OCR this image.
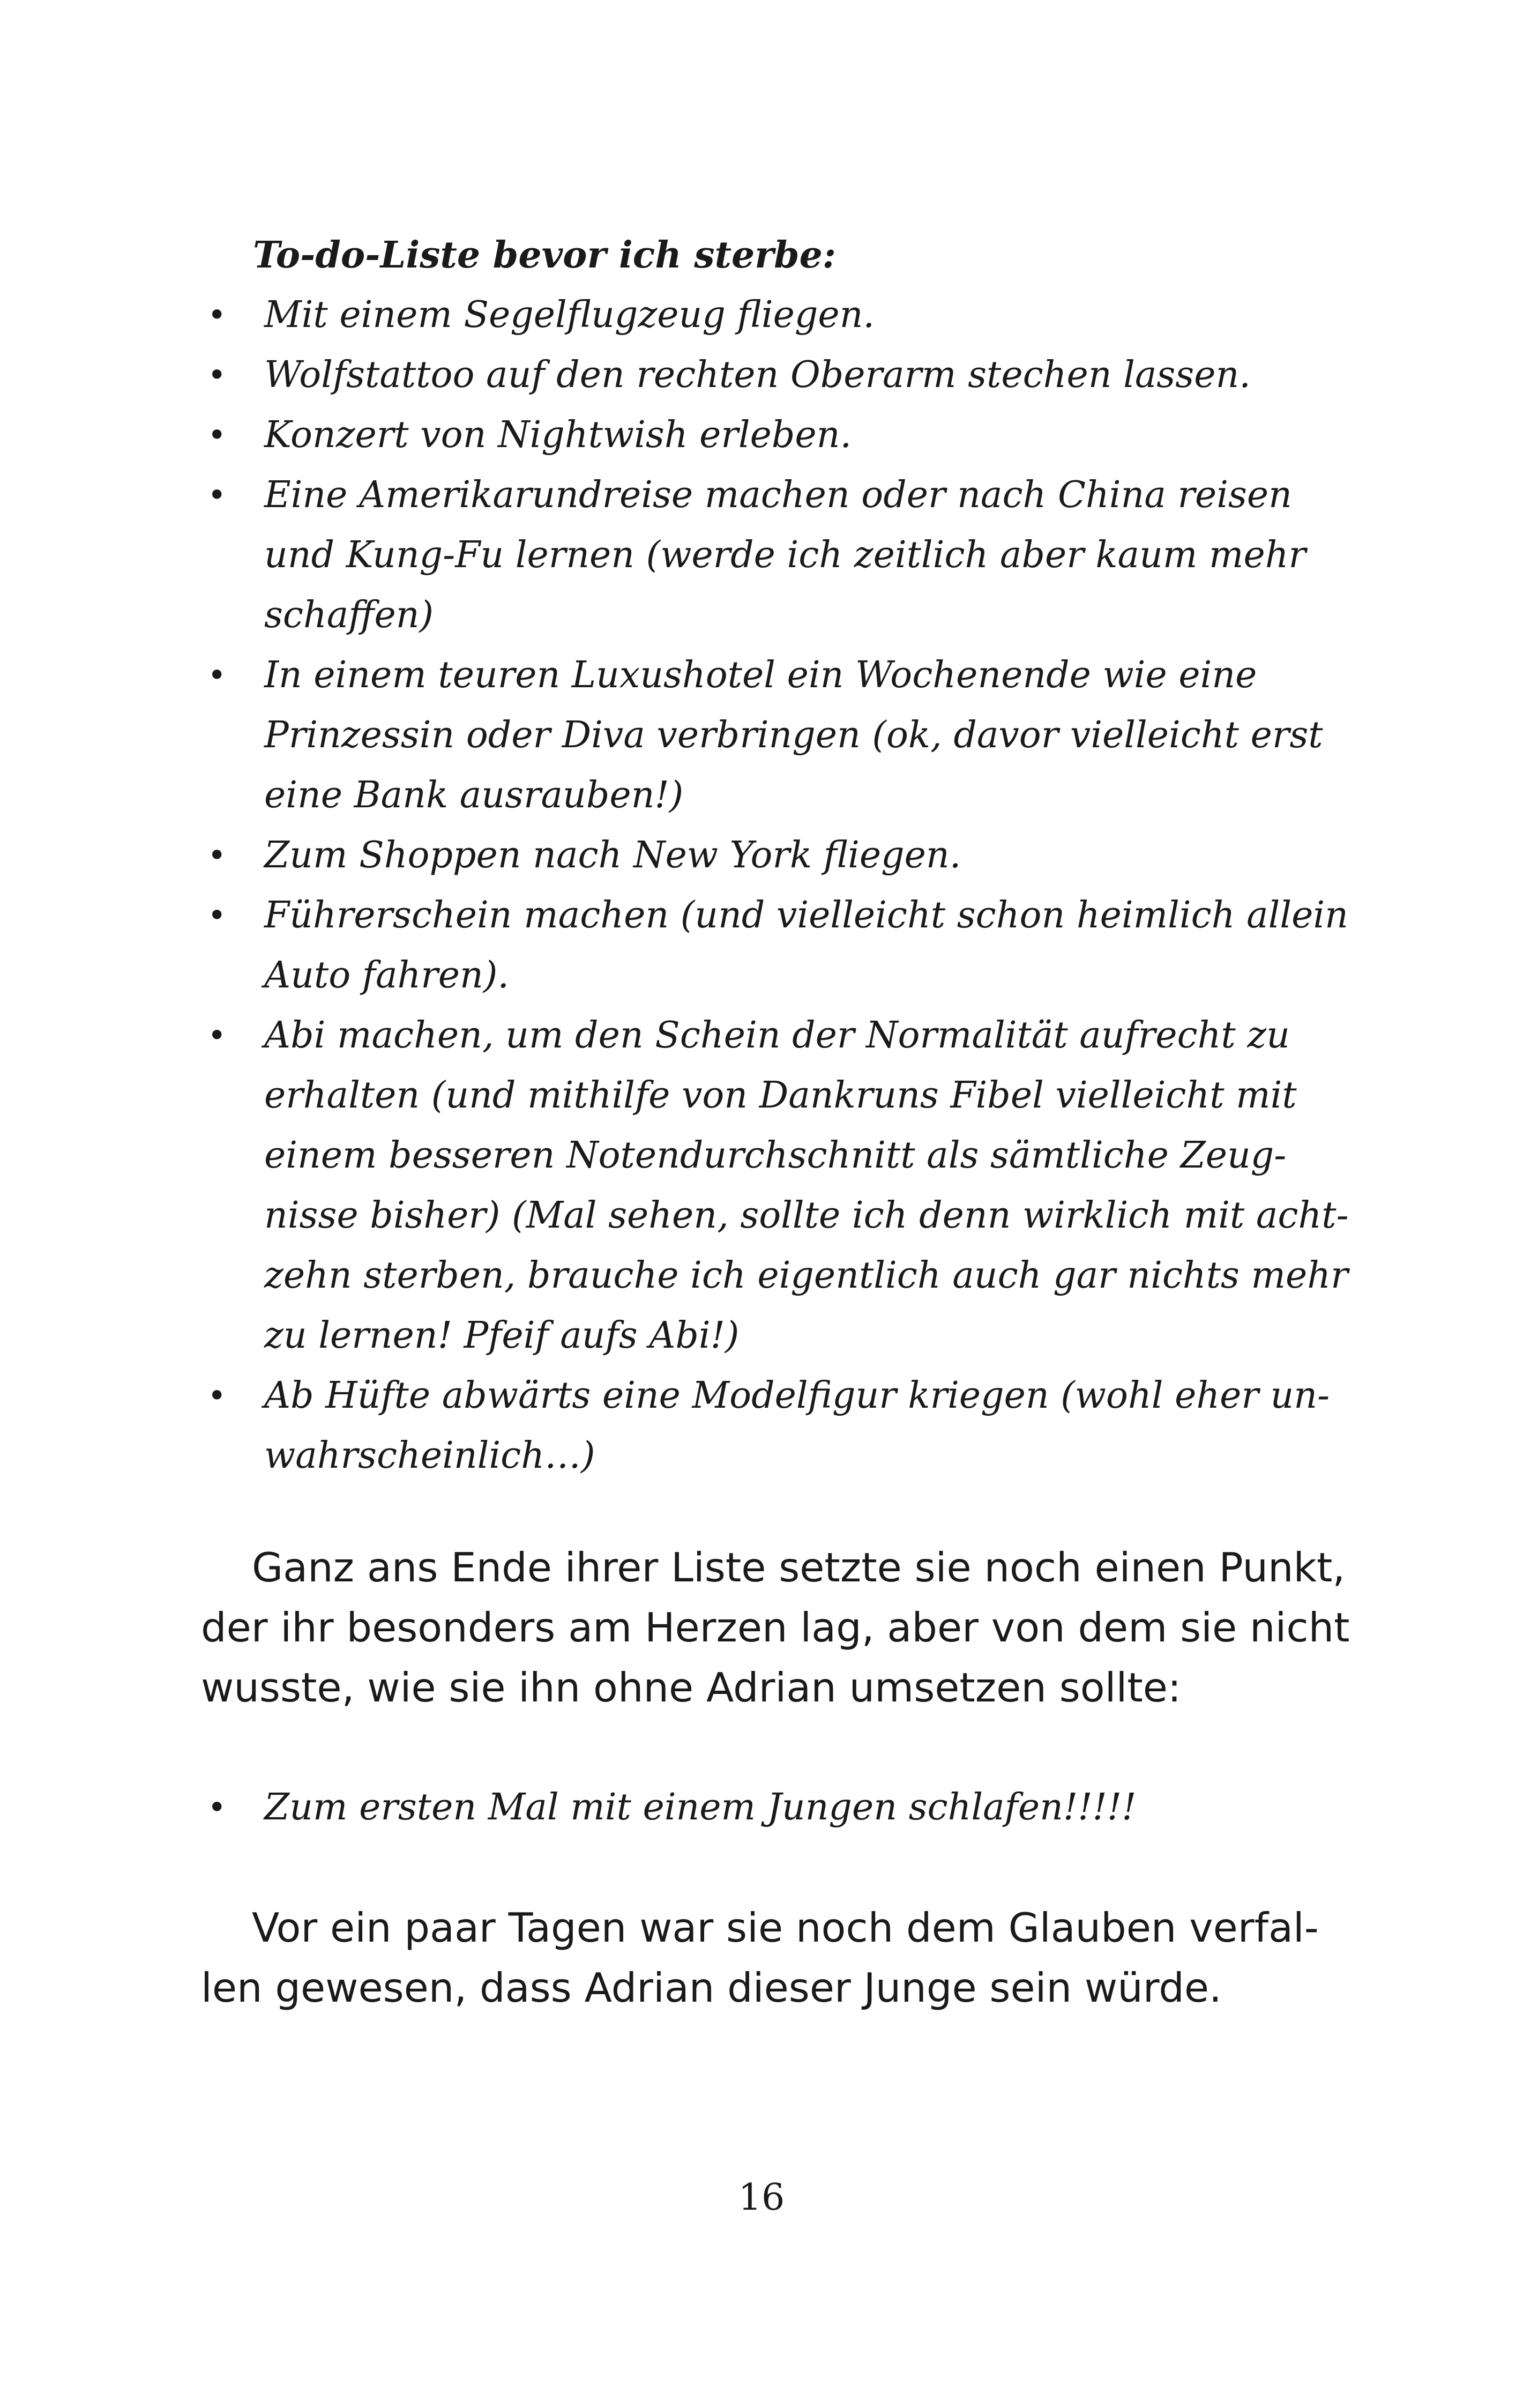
To-do-Liste bevor ich sterbe:

• Mit einem Segelflugzeug fliegen.
• Wolfstattoo auf den rechten Oberarm stechen lassen.
• Konzert von Nightwish erleben.
• Eine Amerikarundreise machen oder nach China reisen
und Kung-Fu lernen (werde ich zeitlich aber kaum mehr
schaffen)
• In einem teuren Luxushotel ein Wochenende wie eine
Prinzessin oder Diva verbringen (ok, davor vielleicht erst
eine Bank ausrauben!)
• Zum Shoppen nach New York fliegen.
• Führerschein machen (und vielleicht schon heimlich allein
Auto fahren).
• Abi machen, um den Schein der Normalität aufrecht zu
erhalten (und mithilfe von Dankruns Fibel vielleicht mit
einem besseren Notendurchschnitt als sämtliche Zeug-
nisse bisher) (Mal sehen, sollte ich denn wirklich mit acht-
zehn sterben, brauche ich eigentlich auch gar nichts mehr
zu lernen! Pfeif aufs Abi!)
• Ab Hüfte abwärts eine Modelfigur kriegen (wohl eher un-
wahrscheinlich…)

Ganz ans Ende ihrer Liste setzte sie noch einen Punkt,
der ihr besonders am Herzen lag, aber von dem sie nicht
wusste, wie sie ihn ohne Adrian umsetzen sollte:

• Zum ersten Mal mit einem Jungen schlafen!!!!!

Vor ein paar Tagen war sie noch dem Glauben verfal-
len gewesen, dass Adrian dieser Junge sein würde.

16
